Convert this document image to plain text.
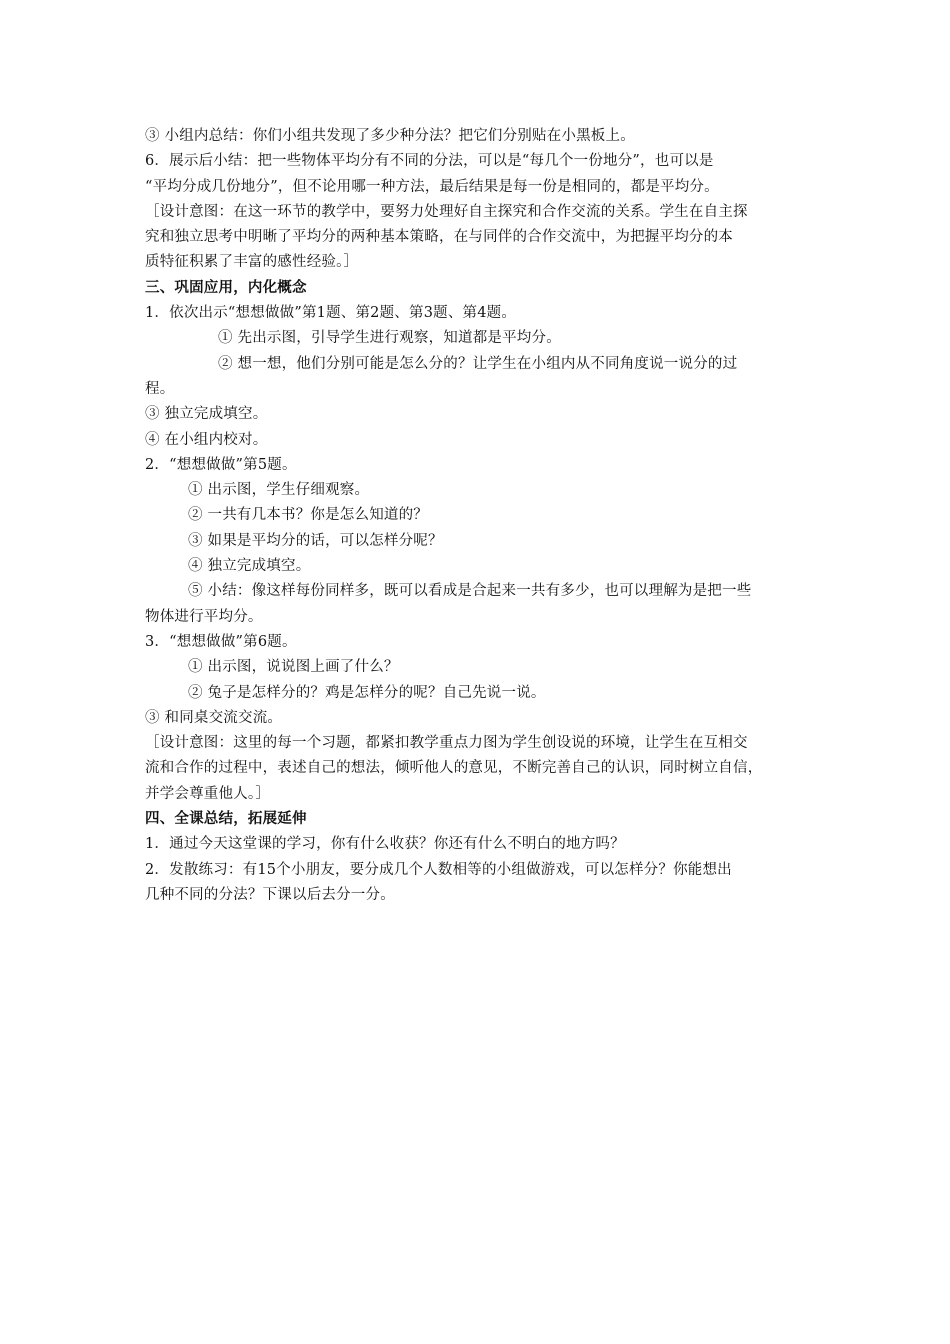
③ 小组内总结：你们小组共发现了多少种分法？把它们分别贴在小黑板上。
6．展示后小结：把一些物体平均分有不同的分法，可以是“每几个一份地分”，也可以是
“平均分成几份地分”，但不论用哪一种方法，最后结果是每一份是相同的，都是平均分。
［设计意图：在这一环节的教学中，要努力处理好自主探究和合作交流的关系。学生在自主探
究和独立思考中明晰了平均分的两种基本策略，在与同伴的合作交流中，为把握平均分的本
质特征积累了丰富的感性经验。］
三、巩固应用，内化概念
1．依次出示“想想做做”第1题、第2题、第3题、第4题。
① 先出示图，引导学生进行观察，知道都是平均分。
② 想一想，他们分别可能是怎么分的？让学生在小组内从不同角度说一说分的过
程。
③ 独立完成填空。
④ 在小组内校对。
2．“想想做做”第5题。
① 出示图，学生仔细观察。
② 一共有几本书？你是怎么知道的？
③ 如果是平均分的话，可以怎样分呢？
④ 独立完成填空。
⑤ 小结：像这样每份同样多，既可以看成是合起来一共有多少，也可以理解为是把一些
物体进行平均分。
3．“想想做做”第6题。
① 出示图，说说图上画了什么？
② 兔子是怎样分的？鸡是怎样分的呢？自己先说一说。
③ 和同桌交流交流。
［设计意图：这里的每一个习题，都紧扣教学重点力图为学生创设说的环境，让学生在互相交
流和合作的过程中，表述自己的想法，倾听他人的意见，不断完善自己的认识，同时树立自信，
并学会尊重他人。］
四、全课总结，拓展延伸
1．通过今天这堂课的学习，你有什么收获？你还有什么不明白的地方吗？
2．发散练习：有15个小朋友，要分成几个人数相等的小组做游戏，可以怎样分？你能想出
几种不同的分法？下课以后去分一分。
